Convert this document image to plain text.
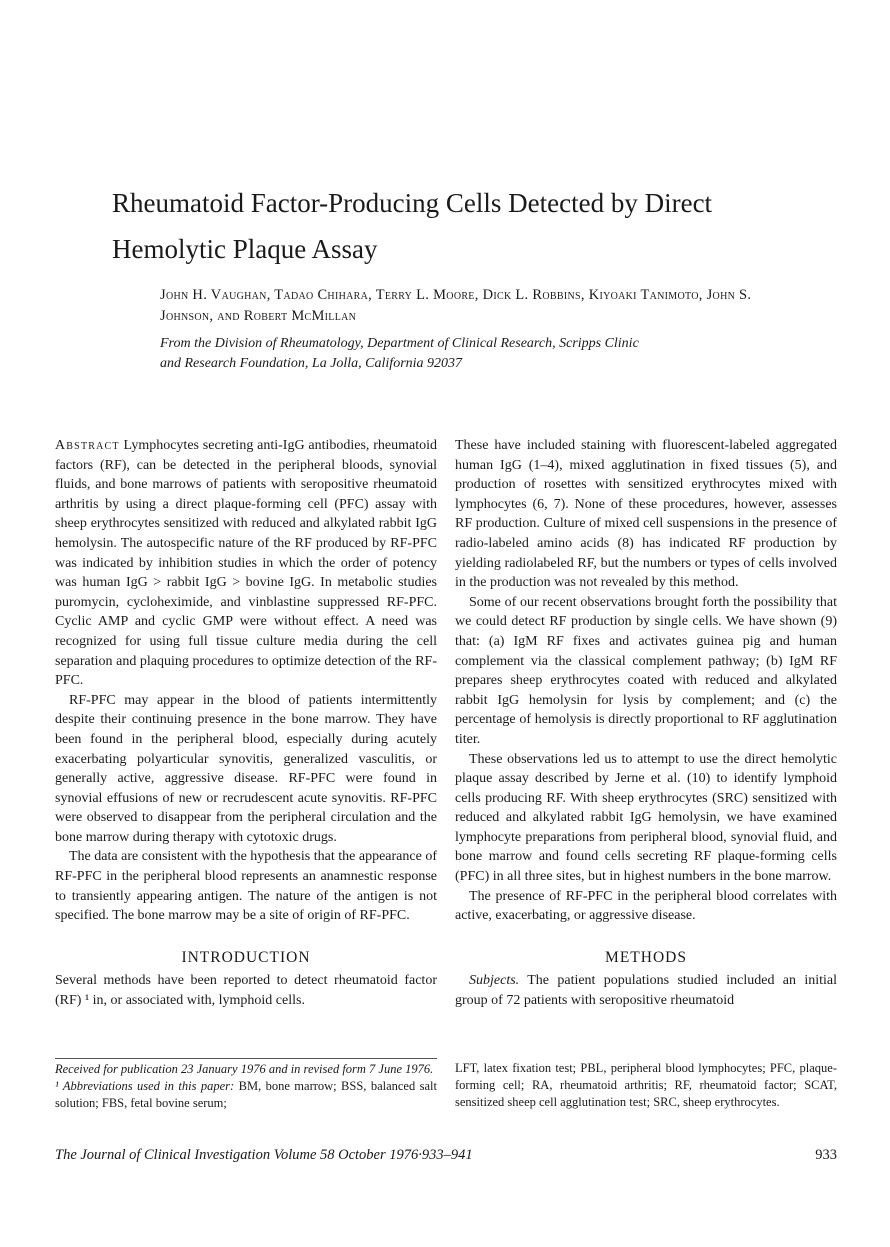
Rheumatoid Factor-Producing Cells Detected by Direct Hemolytic Plaque Assay
John H. Vaughan, Tadao Chihara, Terry L. Moore, Dick L. Robbins, Kiyoaki Tanimoto, John S. Johnson, and Robert McMillan
From the Division of Rheumatology, Department of Clinical Research, Scripps Clinic and Research Foundation, La Jolla, California 92037

Abstract Lymphocytes secreting anti-IgG antibodies, rheumatoid factors (RF), can be detected in the peripheral bloods, synovial fluids, and bone marrows of patients with seropositive rheumatoid arthritis by using a direct plaque-forming cell (PFC) assay with sheep erythrocytes sensitized with reduced and alkylated rabbit IgG hemolysin. The autospecific nature of the RF produced by RF-PFC was indicated by inhibition studies in which the order of potency was human IgG > rabbit IgG > bovine IgG. In metabolic studies puromycin, cycloheximide, and vinblastine suppressed RF-PFC. Cyclic AMP and cyclic GMP were without effect. A need was recognized for using full tissue culture media during the cell separation and plaquing procedures to optimize detection of the RF-PFC.

RF-PFC may appear in the blood of patients intermittently despite their continuing presence in the bone marrow. They have been found in the peripheral blood, especially during acutely exacerbating polyarticular synovitis, generalized vasculitis, or generally active, aggressive disease. RF-PFC were found in synovial effusions of new or recrudescent acute synovitis. RF-PFC were observed to disappear from the peripheral circulation and the bone marrow during therapy with cytotoxic drugs.

The data are consistent with the hypothesis that the appearance of RF-PFC in the peripheral blood represents an anamnestic response to transiently appearing antigen. The nature of the antigen is not specified. The bone marrow may be a site of origin of RF-PFC.

INTRODUCTION

Several methods have been reported to detect rheumatoid factor (RF) ¹ in, or associated with, lymphoid cells.

These have included staining with fluorescent-labeled aggregated human IgG (1–4), mixed agglutination in fixed tissues (5), and production of rosettes with sensitized erythrocytes mixed with lymphocytes (6, 7). None of these procedures, however, assesses RF production. Culture of mixed cell suspensions in the presence of radio-labeled amino acids (8) has indicated RF production by yielding radiolabeled RF, but the numbers or types of cells involved in the production was not revealed by this method.

Some of our recent observations brought forth the possibility that we could detect RF production by single cells. We have shown (9) that: (a) IgM RF fixes and activates guinea pig and human complement via the classical complement pathway; (b) IgM RF prepares sheep erythrocytes coated with reduced and alkylated rabbit IgG hemolysin for lysis by complement; and (c) the percentage of hemolysis is directly proportional to RF agglutination titer.

These observations led us to attempt to use the direct hemolytic plaque assay described by Jerne et al. (10) to identify lymphoid cells producing RF. With sheep erythrocytes (SRC) sensitized with reduced and alkylated rabbit IgG hemolysin, we have examined lymphocyte preparations from peripheral blood, synovial fluid, and bone marrow and found cells secreting RF plaque-forming cells (PFC) in all three sites, but in highest numbers in the bone marrow.

The presence of RF-PFC in the peripheral blood correlates with active, exacerbating, or aggressive disease.

METHODS

Subjects. The patient populations studied included an initial group of 72 patients with seropositive rheumatoid

Received for publication 23 January 1976 and in revised form 7 June 1976.

¹ Abbreviations used in this paper: BM, bone marrow; BSS, balanced salt solution; FBS, fetal bovine serum;

LFT, latex fixation test; PBL, peripheral blood lymphocytes; PFC, plaque-forming cell; RA, rheumatoid arthritis; RF, rheumatoid factor; SCAT, sensitized sheep cell agglutination test; SRC, sheep erythrocytes.

The Journal of Clinical Investigation Volume 58 October 1976·933–941	933
